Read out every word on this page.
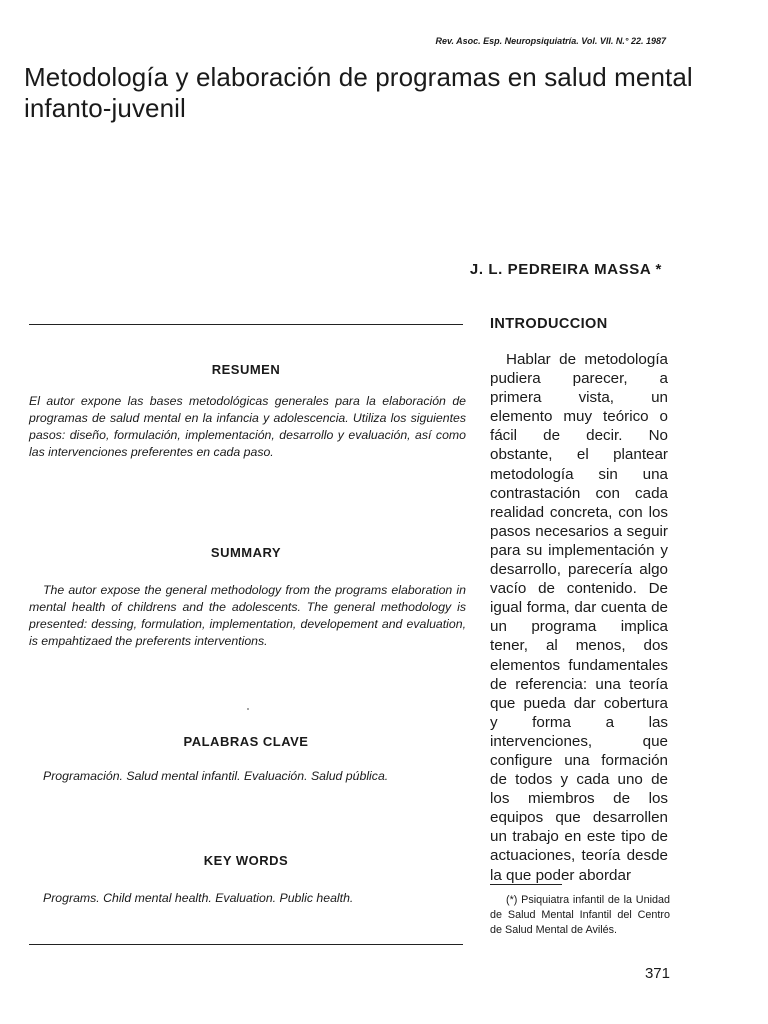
Rev. Asoc. Esp. Neuropsiquiatría. Vol. VII. N.° 22. 1987
Metodología y elaboración de programas en salud mental infanto-juvenil
J. L. PEDREIRA MASSA *
RESUMEN
El autor expone las bases metodológicas generales para la elaboración de programas de salud mental en la infancia y adolescencia. Utiliza los siguientes pasos: diseño, formulación, implementación, desarrollo y evaluación, así como las intervenciones preferentes en cada paso.
SUMMARY
The autor expose the general methodology from the programs elaboration in mental health of childrens and the adolescents. The general methodology is presented: dessing, formulation, implementation, developement and evaluation, is empahtizaed the preferents interventions.
PALABRAS CLAVE
Programación. Salud mental infantil. Evaluación. Salud pública.
KEY WORDS
Programs. Child mental health. Evaluation. Public health.
INTRODUCCION
Hablar de metodología pudiera parecer, a primera vista, un elemento muy teórico o fácil de decir. No obstante, el plantear metodología sin una contrastación con cada realidad concreta, con los pasos necesarios a seguir para su implementación y desarrollo, parecería algo vacío de contenido. De igual forma, dar cuenta de un programa implica tener, al menos, dos elementos fundamentales de referencia: una teoría que pueda dar cobertura y forma a las intervenciones, que configure una formación de todos y cada uno de los miembros de los equipos que desarrollen un trabajo en este tipo de actuaciones, teoría desde la que poder abordar
(*) Psiquiatra infantil de la Unidad de Salud Mental Infantil del Centro de Salud Mental de Avilés.
371
